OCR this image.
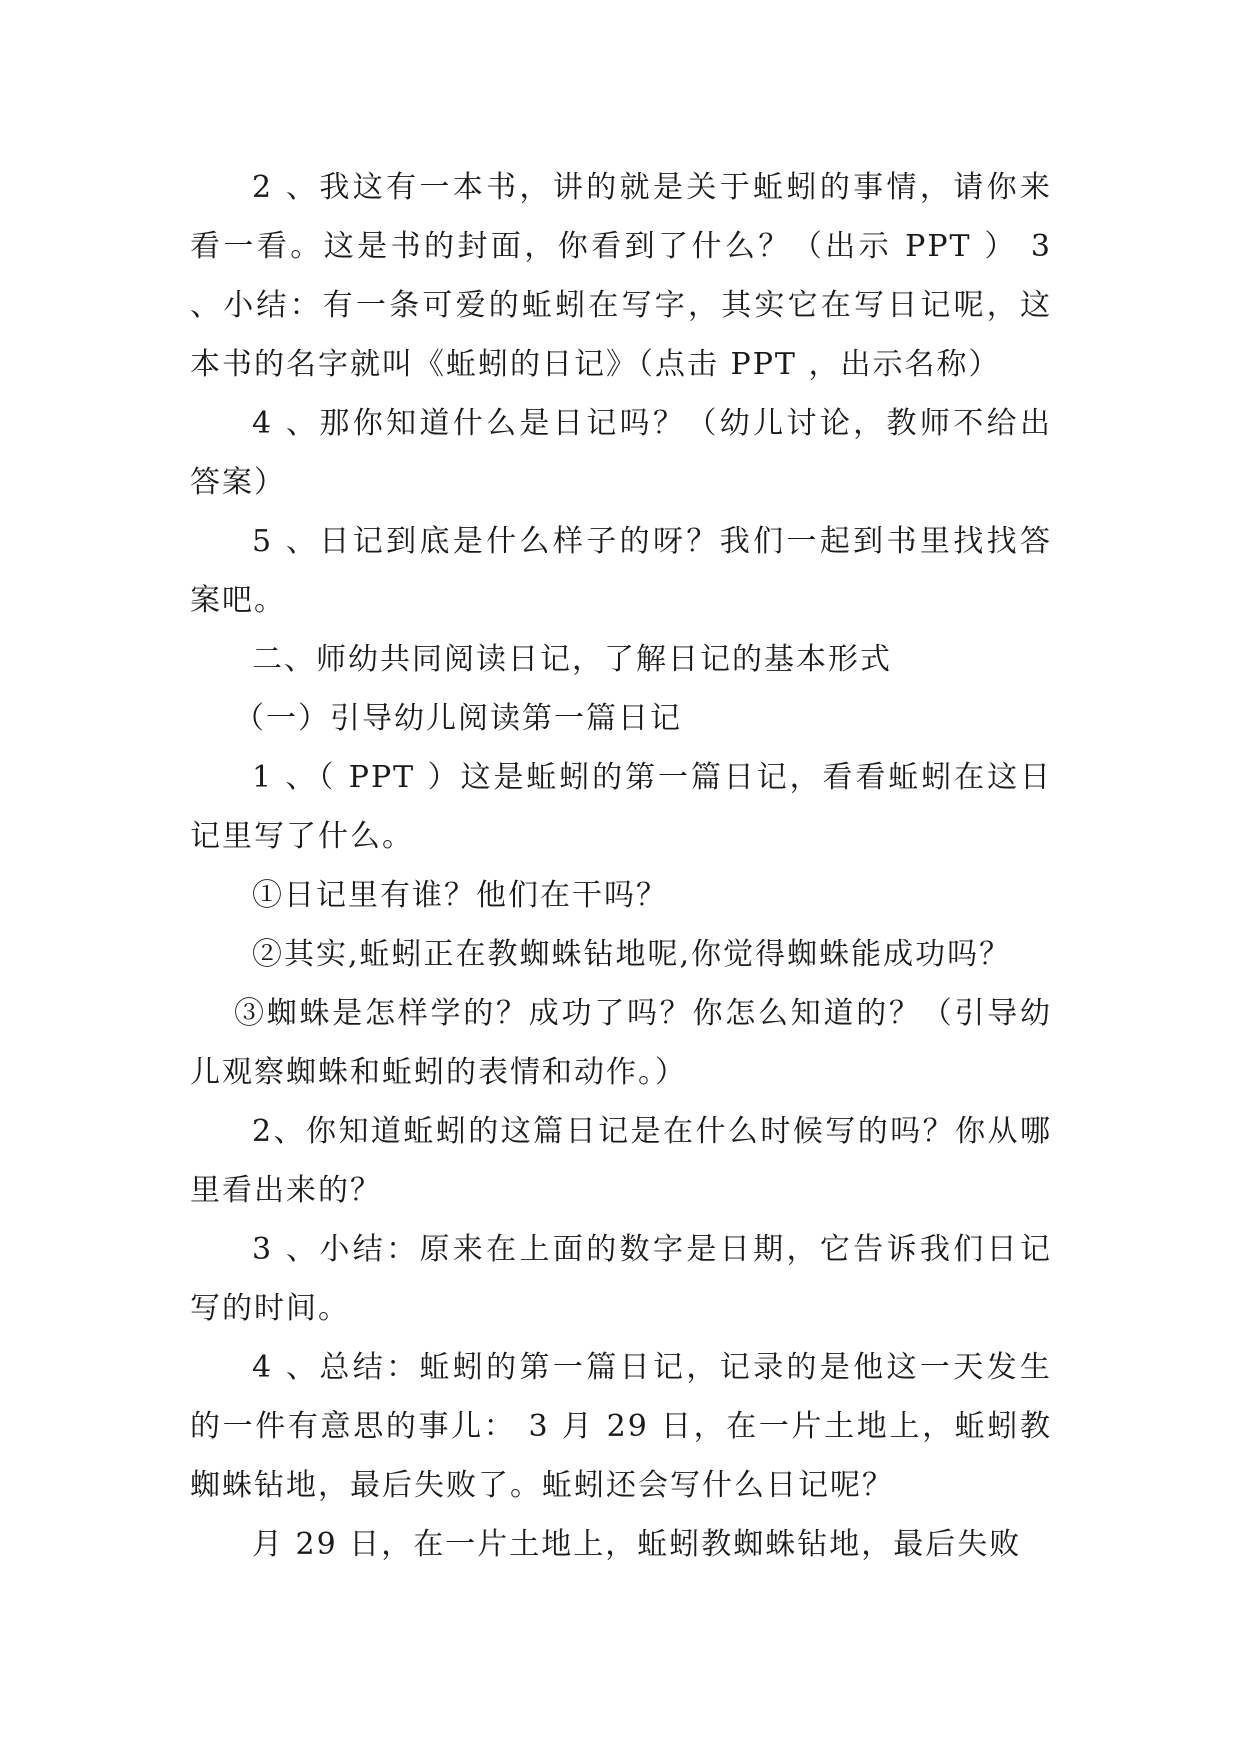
2 、我这有一本书，讲的就是关于蚯蚓的事情，请你来看一看。这是书的封面，你看到了什么？（出示 PPT ） 3 、小结：有一条可爱的蚯蚓在写字，其实它在写日记呢，这本书的名字就叫《蚯蚓的日记》（点击 PPT ，出示名称）

4 、那你知道什么是日记吗？（幼儿讨论，教师不给出答案）

5 、日记到底是什么样子的呀？我们一起到书里找找答案吧。

二、师幼共同阅读日记，了解日记的基本形式

（一）引导幼儿阅读第一篇日记

1 、（ PPT ）这是蚯蚓的第一篇日记，看看蚯蚓在这日记里写了什么。

①日记里有谁？他们在干吗？

②其实,蚯蚓正在教蜘蛛钻地呢,你觉得蜘蛛能成功吗？

③蜘蛛是怎样学的？成功了吗？你怎么知道的？（引导幼儿观察蜘蛛和蚯蚓的表情和动作。）

2、你知道蚯蚓的这篇日记是在什么时候写的吗？你从哪里看出来的？

3 、小结：原来在上面的数字是日期，它告诉我们日记写的时间。

4 、总结：蚯蚓的第一篇日记，记录的是他这一天发生的一件有意思的事儿： 3 月 29 日，在一片土地上，蚯蚓教蜘蛛钻地，最后失败了。蚯蚓还会写什么日记呢？

月 29 日，在一片土地上，蚯蚓教蜘蛛钻地，最后失败
